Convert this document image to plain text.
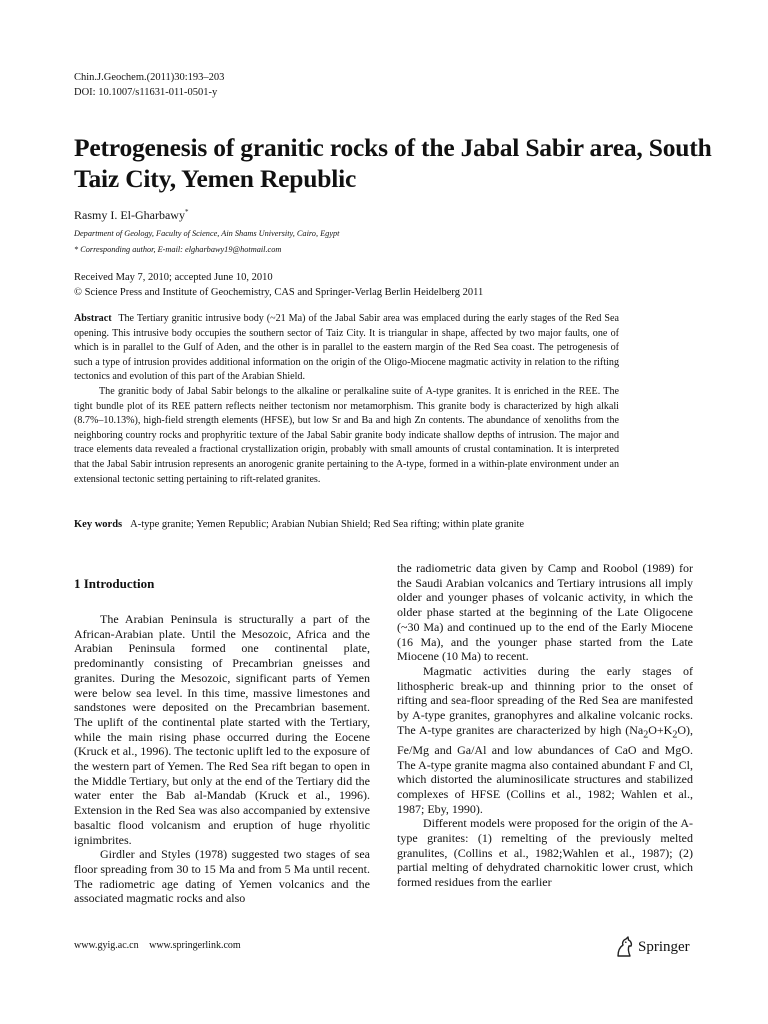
Chin.J.Geochem.(2011)30:193–203
DOI: 10.1007/s11631-011-0501-y
Petrogenesis of granitic rocks of the Jabal Sabir area, South Taiz City, Yemen Republic
Rasmy I. El-Gharbawy*
Department of Geology, Faculty of Science, Ain Shams University, Cairo, Egypt
* Corresponding author, E-mail: elgharbawy19@hotmail.com
Received May 7, 2010; accepted June 10, 2010
© Science Press and Institute of Geochemistry, CAS and Springer-Verlag Berlin Heidelberg 2011

Abstract The Tertiary granitic intrusive body (~21 Ma) of the Jabal Sabir area was emplaced during the early stages of the Red Sea opening. This intrusive body occupies the southern sector of Taiz City. It is triangular in shape, affected by two major faults, one of which is in parallel to the Gulf of Aden, and the other is in parallel to the eastern margin of the Red Sea coast. The petrogenesis of such a type of intrusion provides additional information on the origin of the Oligo-Miocene magmatic activity in relation to the rifting tectonics and evolution of this part of the Arabian Shield.

The granitic body of Jabal Sabir belongs to the alkaline or peralkaline suite of A-type granites. It is enriched in the REE. The tight bundle plot of its REE pattern reflects neither tectonism nor metamorphism. This granite body is characterized by high alkali (8.7%–10.13%), high-field strength elements (HFSE), but low Sr and Ba and high Zn contents. The abundance of xenoliths from the neighboring country rocks and prophyritic texture of the Jabal Sabir granite body indicate shallow depths of intrusion. The major and trace elements data revealed a fractional crystallization origin, probably with small amounts of crustal contamination. It is interpreted that the Jabal Sabir intrusion represents an anorogenic granite pertaining to the A-type, formed in a within-plate environment under an extensional tectonic setting pertaining to rift-related granites.

Key words A-type granite; Yemen Republic; Arabian Nubian Shield; Red Sea rifting; within plate granite
1 Introduction

The Arabian Peninsula is structurally a part of the African-Arabian plate. Until the Mesozoic, Africa and the Arabian Peninsula formed one continental plate, predominantly consisting of Precambrian gneisses and granites. During the Mesozoic, significant parts of Yemen were below sea level. In this time, massive limestones and sandstones were deposited on the Precambrian basement. The uplift of the continental plate started with the Tertiary, while the main rising phase occurred during the Eocene (Kruck et al., 1996). The tectonic uplift led to the exposure of the western part of Yemen. The Red Sea rift began to open in the Middle Tertiary, but only at the end of the Tertiary did the water enter the Bab al-Mandab (Kruck et al., 1996). Extension in the Red Sea was also accompanied by extensive basaltic flood volcanism and eruption of huge rhyolitic ignimbrites.

Girdler and Styles (1978) suggested two stages of sea floor spreading from 30 to 15 Ma and from 5 Ma until recent. The radiometric age dating of Yemen volcanics and the associated magmatic rocks and also

the radiometric data given by Camp and Roobol (1989) for the Saudi Arabian volcanics and Tertiary intrusions all imply older and younger phases of volcanic activity, in which the older phase started at the beginning of the Late Oligocene (~30 Ma) and continued up to the end of the Early Miocene (16 Ma), and the younger phase started from the Late Miocene (10 Ma) to recent.

Magmatic activities during the early stages of lithospheric break-up and thinning prior to the onset of rifting and sea-floor spreading of the Red Sea are manifested by A-type granites, granophyres and alkaline volcanic rocks. The A-type granites are characterized by high $(Na_2O+K_2O)$, Fe/Mg and Ga/Al and low abundances of CaO and MgO. The A-type granite magma also contained abundant F and Cl, which distorted the aluminosilicate structures and stabilized complexes of HFSE (Collins et al., 1982; Wahlen et al., 1987; Eby, 1990).

Different models were proposed for the origin of the A-type granites: (1) remelting of the previously melted granulites, (Collins et al., 1982;Wahlen et al., 1987); (2) partial melting of dehydrated charnokitic lower crust, which formed residues from the earlier

www.gyig.ac.cn www.springerlink.com	Springer
